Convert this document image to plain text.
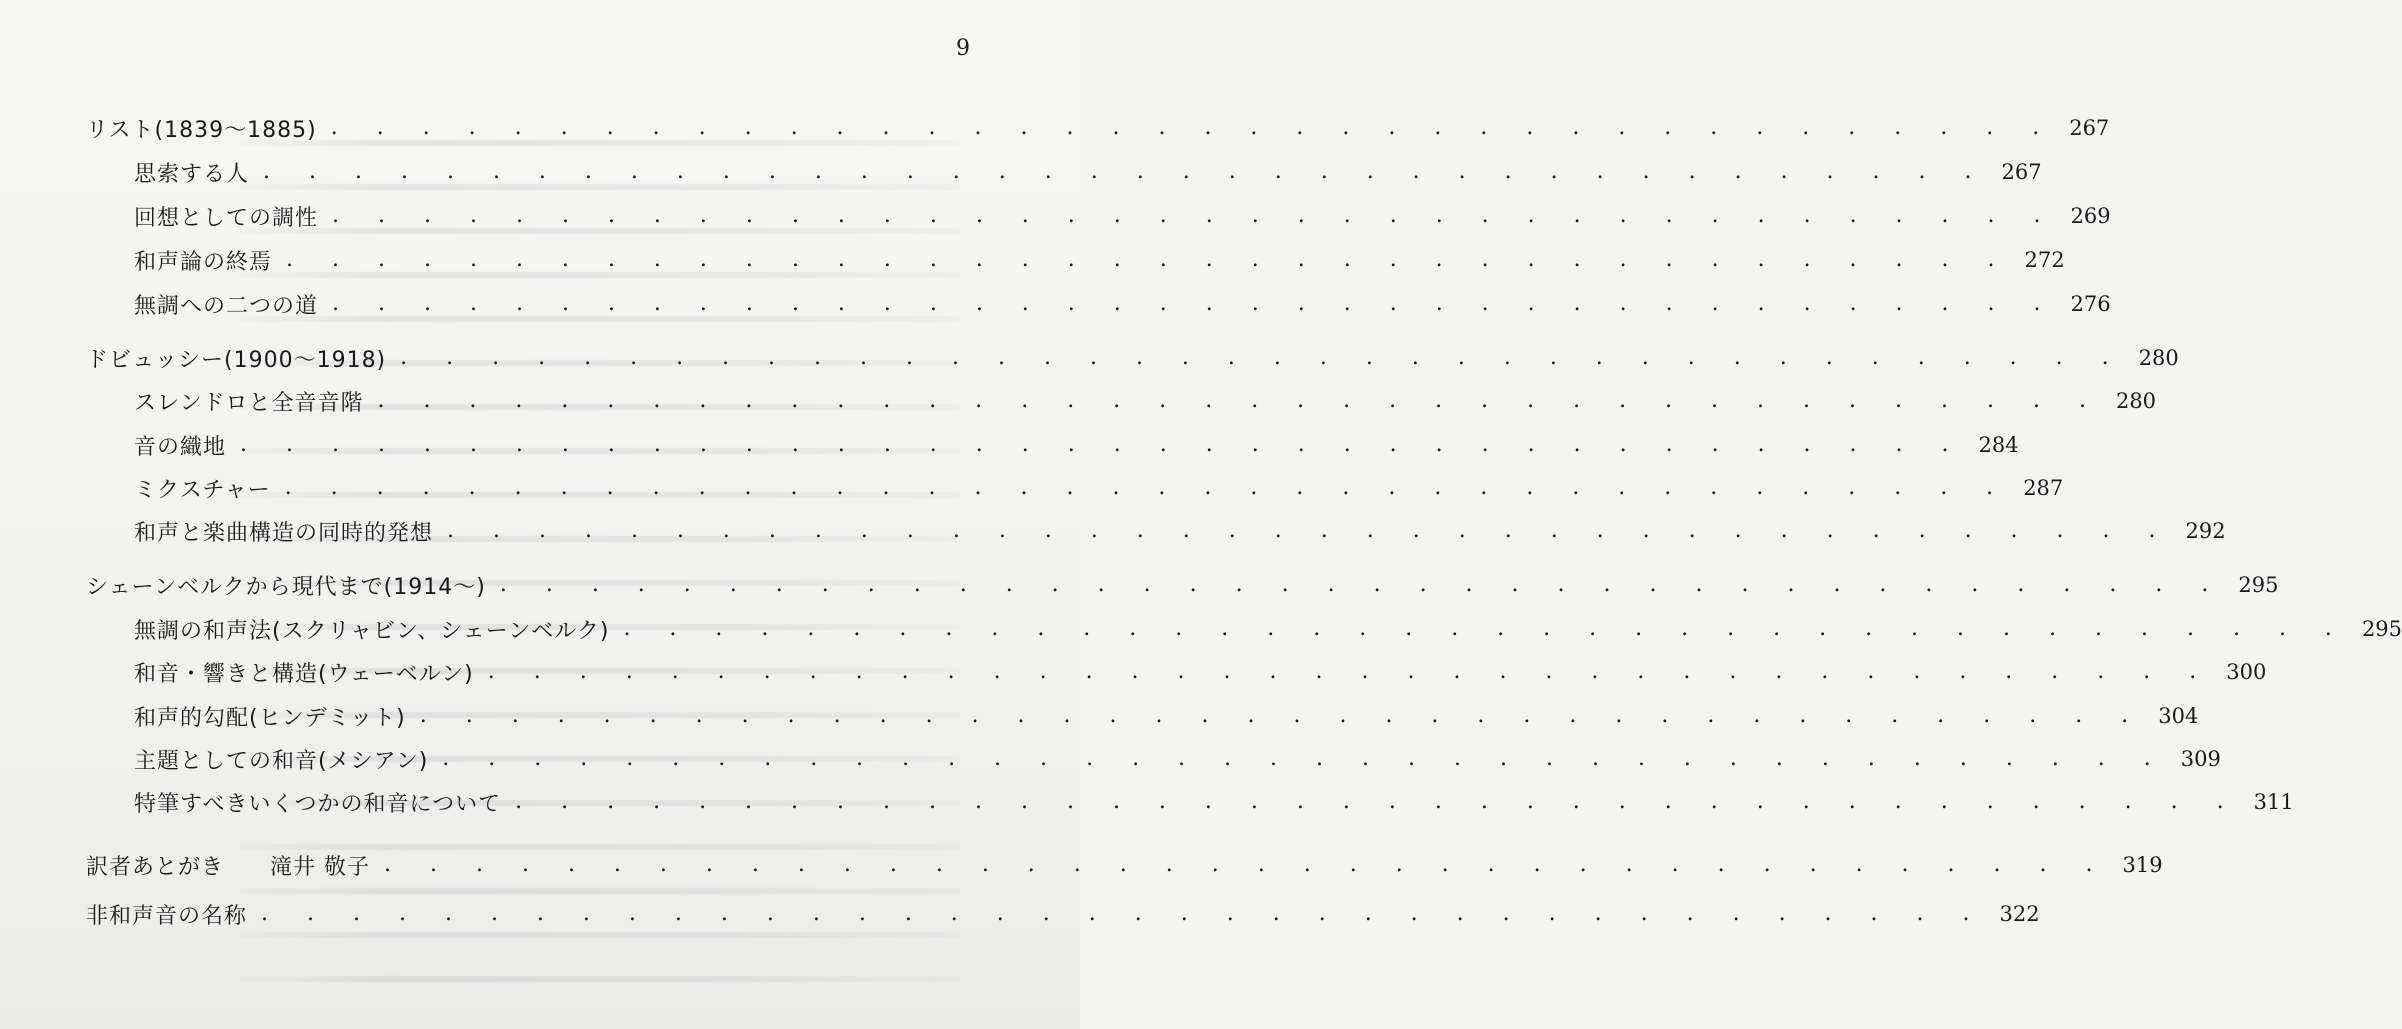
9
リスト(1839〜1885) . . . . . . . . . . . . . . . . . . . . . . . . . . . . . . . . . . . . . . 267
思索する人 . . . . . . . . . . . . . . . . . . . . . . . . . . . . . . . . . . . . . . 267
回想としての調性 . . . . . . . . . . . . . . . . . . . . . . . . . . . . . . . . . . . . . . 269
和声論の終焉 . . . . . . . . . . . . . . . . . . . . . . . . . . . . . . . . . . . . . . 272
無調への二つの道 . . . . . . . . . . . . . . . . . . . . . . . . . . . . . . . . . . . . . . 276
ドビュッシー(1900〜1918) . . . . . . . . . . . . . . . . . . . . . . . . . . . . . . . . . . . . . . 280
スレンドロと全音音階 . . . . . . . . . . . . . . . . . . . . . . . . . . . . . . . . . . . . . . 280
音の織地 . . . . . . . . . . . . . . . . . . . . . . . . . . . . . . . . . . . . . . 284
ミクスチャー . . . . . . . . . . . . . . . . . . . . . . . . . . . . . . . . . . . . . . 287
和声と楽曲構造の同時的発想 . . . . . . . . . . . . . . . . . . . . . . . . . . . . . . . . . . . . . . 292
シェーンベルクから現代まで(1914〜) . . . . . . . . . . . . . . . . . . . . . . . . . . . . . . . . . . . . . . 295
無調の和声法(スクリャビン、シェーンベルク) . . . . . . . . . . . . . . . . . . . . . . . . . . . . . . . . . . . . . . 295
和音・響きと構造(ウェーベルン) . . . . . . . . . . . . . . . . . . . . . . . . . . . . . . . . . . . . . . 300
和声的勾配(ヒンデミット) . . . . . . . . . . . . . . . . . . . . . . . . . . . . . . . . . . . . . . 304
主題としての和音(メシアン) . . . . . . . . . . . . . . . . . . . . . . . . . . . . . . . . . . . . . . 309
特筆すべきいくつかの和音について . . . . . . . . . . . . . . . . . . . . . . . . . . . . . . . . . . . . . . 311
訳者あとがき　　滝井 敬子 . . . . . . . . . . . . . . . . . . . . . . . . . . . . . . . . . . . . . . 319
非和声音の名称 . . . . . . . . . . . . . . . . . . . . . . . . . . . . . . . . . . . . . . 322
